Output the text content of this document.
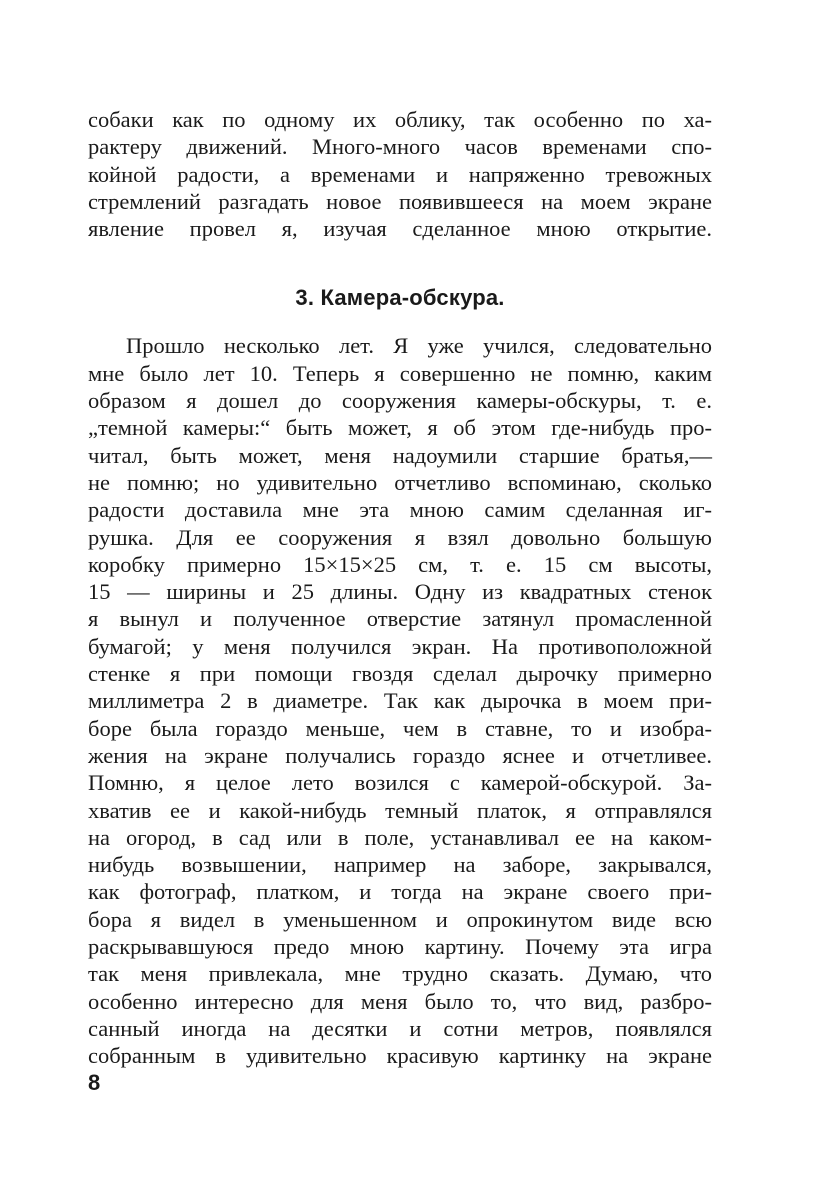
собаки как по одному их облику, так особенно по ха-
рактеру движений. Много-много часов временами спо-
койной радости, а временами и напряженно тревожных
стремлений разгадать новое появившееся на моем экране
явление провел я, изучая сделанное мною открытие.
3. Камера-обскура.
Прошло несколько лет. Я уже учился, следовательно
мне было лет 10. Теперь я совершенно не помню, каким
образом я дошел до сооружения камеры-обскуры, т. е.
„темной камеры:“ быть может, я об этом где-нибудь про-
читал, быть может, меня надоумили старшие братья,—
не помню; но удивительно отчетливо вспоминаю, сколько
радости доставила мне эта мною самим сделанная иг-
рушка. Для ее сооружения я взял довольно большую
коробку примерно 15×15×25 см, т. е. 15 см высоты,
15 — ширины и 25 длины. Одну из квадратных стенок
я вынул и полученное отверстие затянул промасленной
бумагой; у меня получился экран. На противоположной
стенке я при помощи гвоздя сделал дырочку примерно
миллиметра 2 в диаметре. Так как дырочка в моем при-
боре была гораздо меньше, чем в ставне, то и изобра-
жения на экране получались гораздо яснее и отчетливее.
Помню, я целое лето возился с камерой-обскурой. За-
хватив ее и какой-нибудь темный платок, я отправлялся
на огород, в сад или в поле, устанавливал ее на каком-
нибудь возвышении, например на заборе, закрывался,
как фотограф, платком, и тогда на экране своего при-
бора я видел в уменьшенном и опрокинутом виде всю
раскрывавшуюся предо мною картину. Почему эта игра
так меня привлекала, мне трудно сказать. Думаю, что
особенно интересно для меня было то, что вид, разбро-
санный иногда на десятки и сотни метров, появлялся
собранным в удивительно красивую картинку на экране
8
